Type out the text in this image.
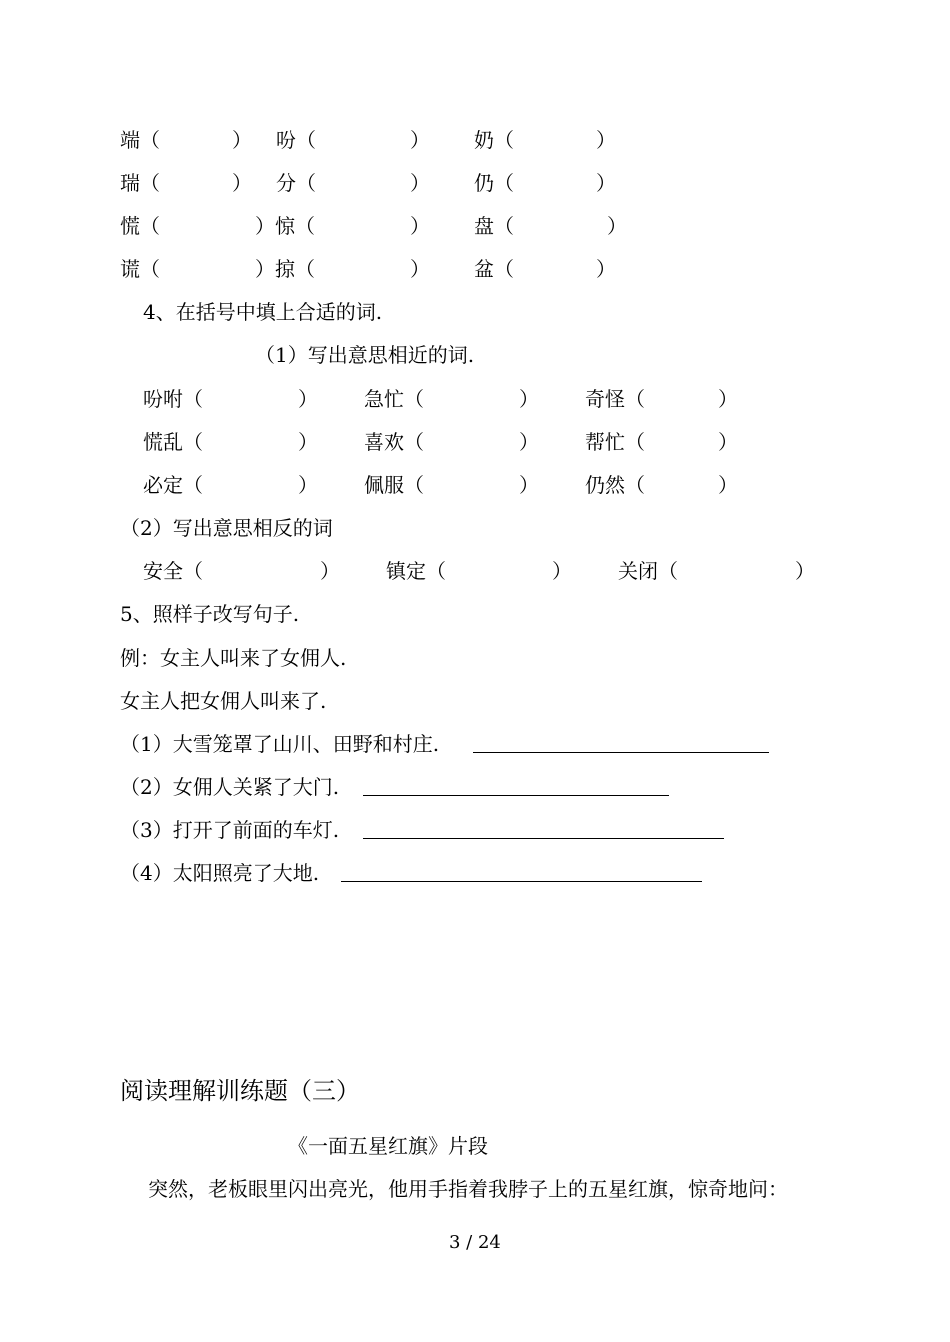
端（	） 吩（	） 奶（	）
瑞（	） 分（	） 仍（	）
慌（	）惊（	） 盘（	）
谎（	）掠（	） 盆（	）
4、在括号中填上合适的词.
（1）写出意思相近的词.
吩咐（	） 急忙（	） 奇怪（	）
慌乱（	） 喜欢（	） 帮忙（	）
必定（	） 佩服（	） 仍然（	）
（2）写出意思相反的词
安全（	） 镇定（	） 关闭（	）
5、照样子改写句子.
例：女主人叫来了女佣人.
女主人把女佣人叫来了.
（1）大雪笼罩了山川、田野和村庄.
（2）女佣人关紧了大门.
（3）打开了前面的车灯.
（4）太阳照亮了大地.
阅读理解训练题（三）
《一面五星红旗》片段
突然，老板眼里闪出亮光，他用手指着我脖子上的五星红旗，惊奇地问：
3 / 24
